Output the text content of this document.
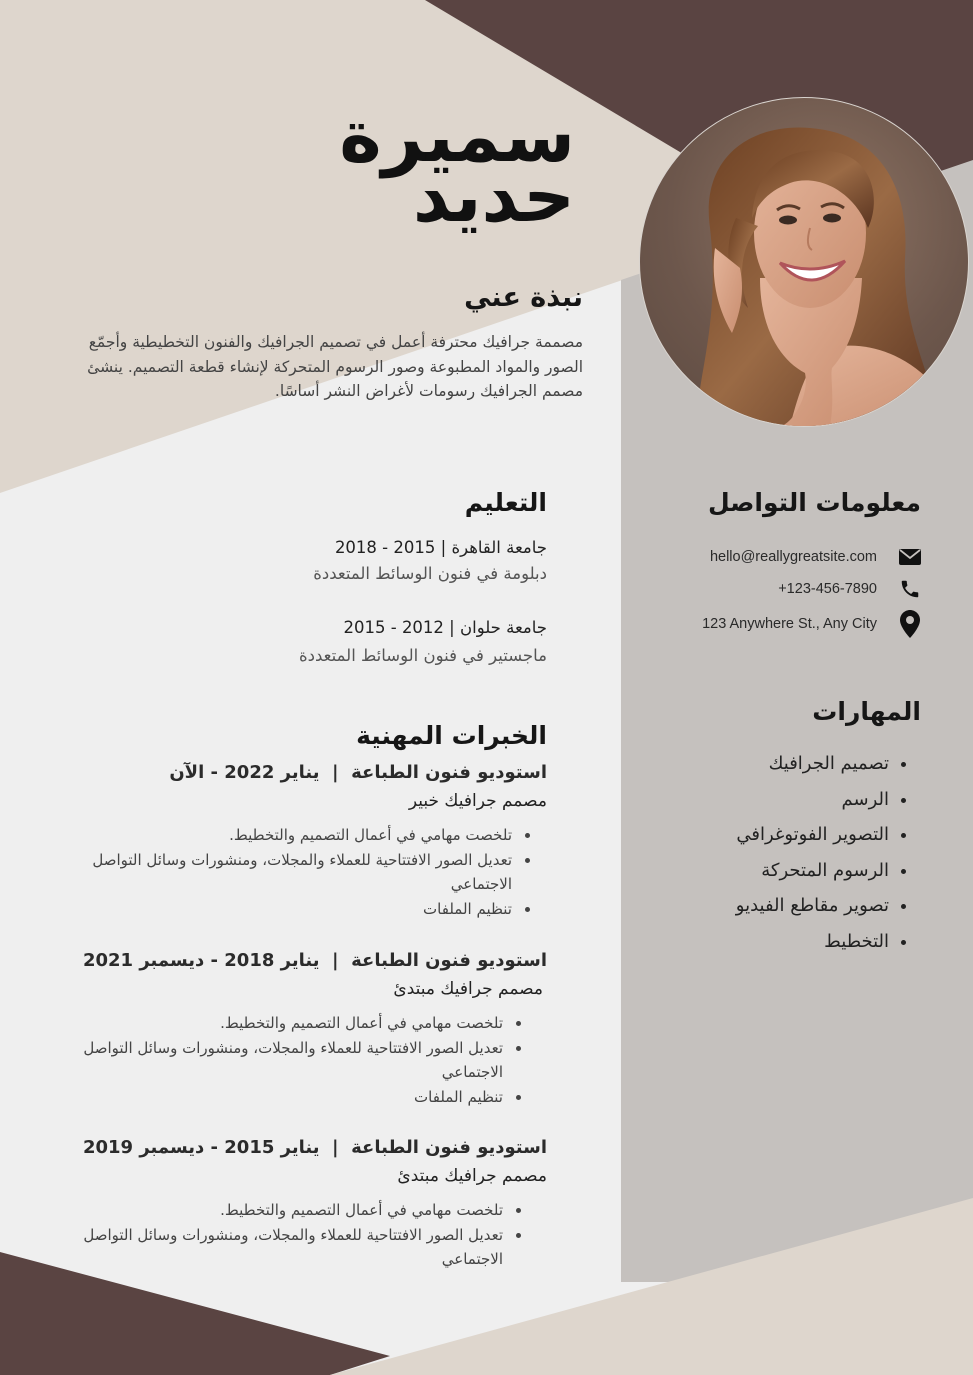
سميرة
حديد
نبذة عني
مصممة جرافيك محترفة أعمل في تصميم الجرافيك والفنون التخطيطية وأجمّع الصور والمواد المطبوعة وصور الرسوم المتحركة لإنشاء قطعة التصميم. ينشئ مصمم الجرافيك رسومات لأغراض النشر أساسًا.
التعليم
جامعة القاهرة | 2015 - 2018
دبلومة في فنون الوسائط المتعددة
جامعة حلوان | 2012 - 2015
ماجستير في فنون الوسائط المتعددة
الخبرات المهنية
استوديو فنون الطباعة  |  يناير 2022 - الآن
مصمم جرافيك خبير
• تلخصت مهامي في أعمال التصميم والتخطيط.
• تعديل الصور الافتتاحية للعملاء والمجلات، ومنشورات وسائل التواصل الاجتماعي
• تنظيم الملفات
استوديو فنون الطباعة  |  يناير 2018 - ديسمبر 2021
مصمم جرافيك مبتدئ
• تلخصت مهامي في أعمال التصميم والتخطيط.
• تعديل الصور الافتتاحية للعملاء والمجلات، ومنشورات وسائل التواصل الاجتماعي
• تنظيم الملفات
استوديو فنون الطباعة  |  يناير 2015 - ديسمبر 2019
مصمم جرافيك مبتدئ
• تلخصت مهامي في أعمال التصميم والتخطيط.
• تعديل الصور الافتتاحية للعملاء والمجلات، ومنشورات وسائل التواصل الاجتماعي
معلومات التواصل
hello@reallygreatsite.com
+123-456-7890
123 Anywhere St., Any City
المهارات
• تصميم الجرافيك
• الرسم
• التصوير الفوتوغرافي
• الرسوم المتحركة
• تصوير مقاطع الفيديو
• التخطيط
